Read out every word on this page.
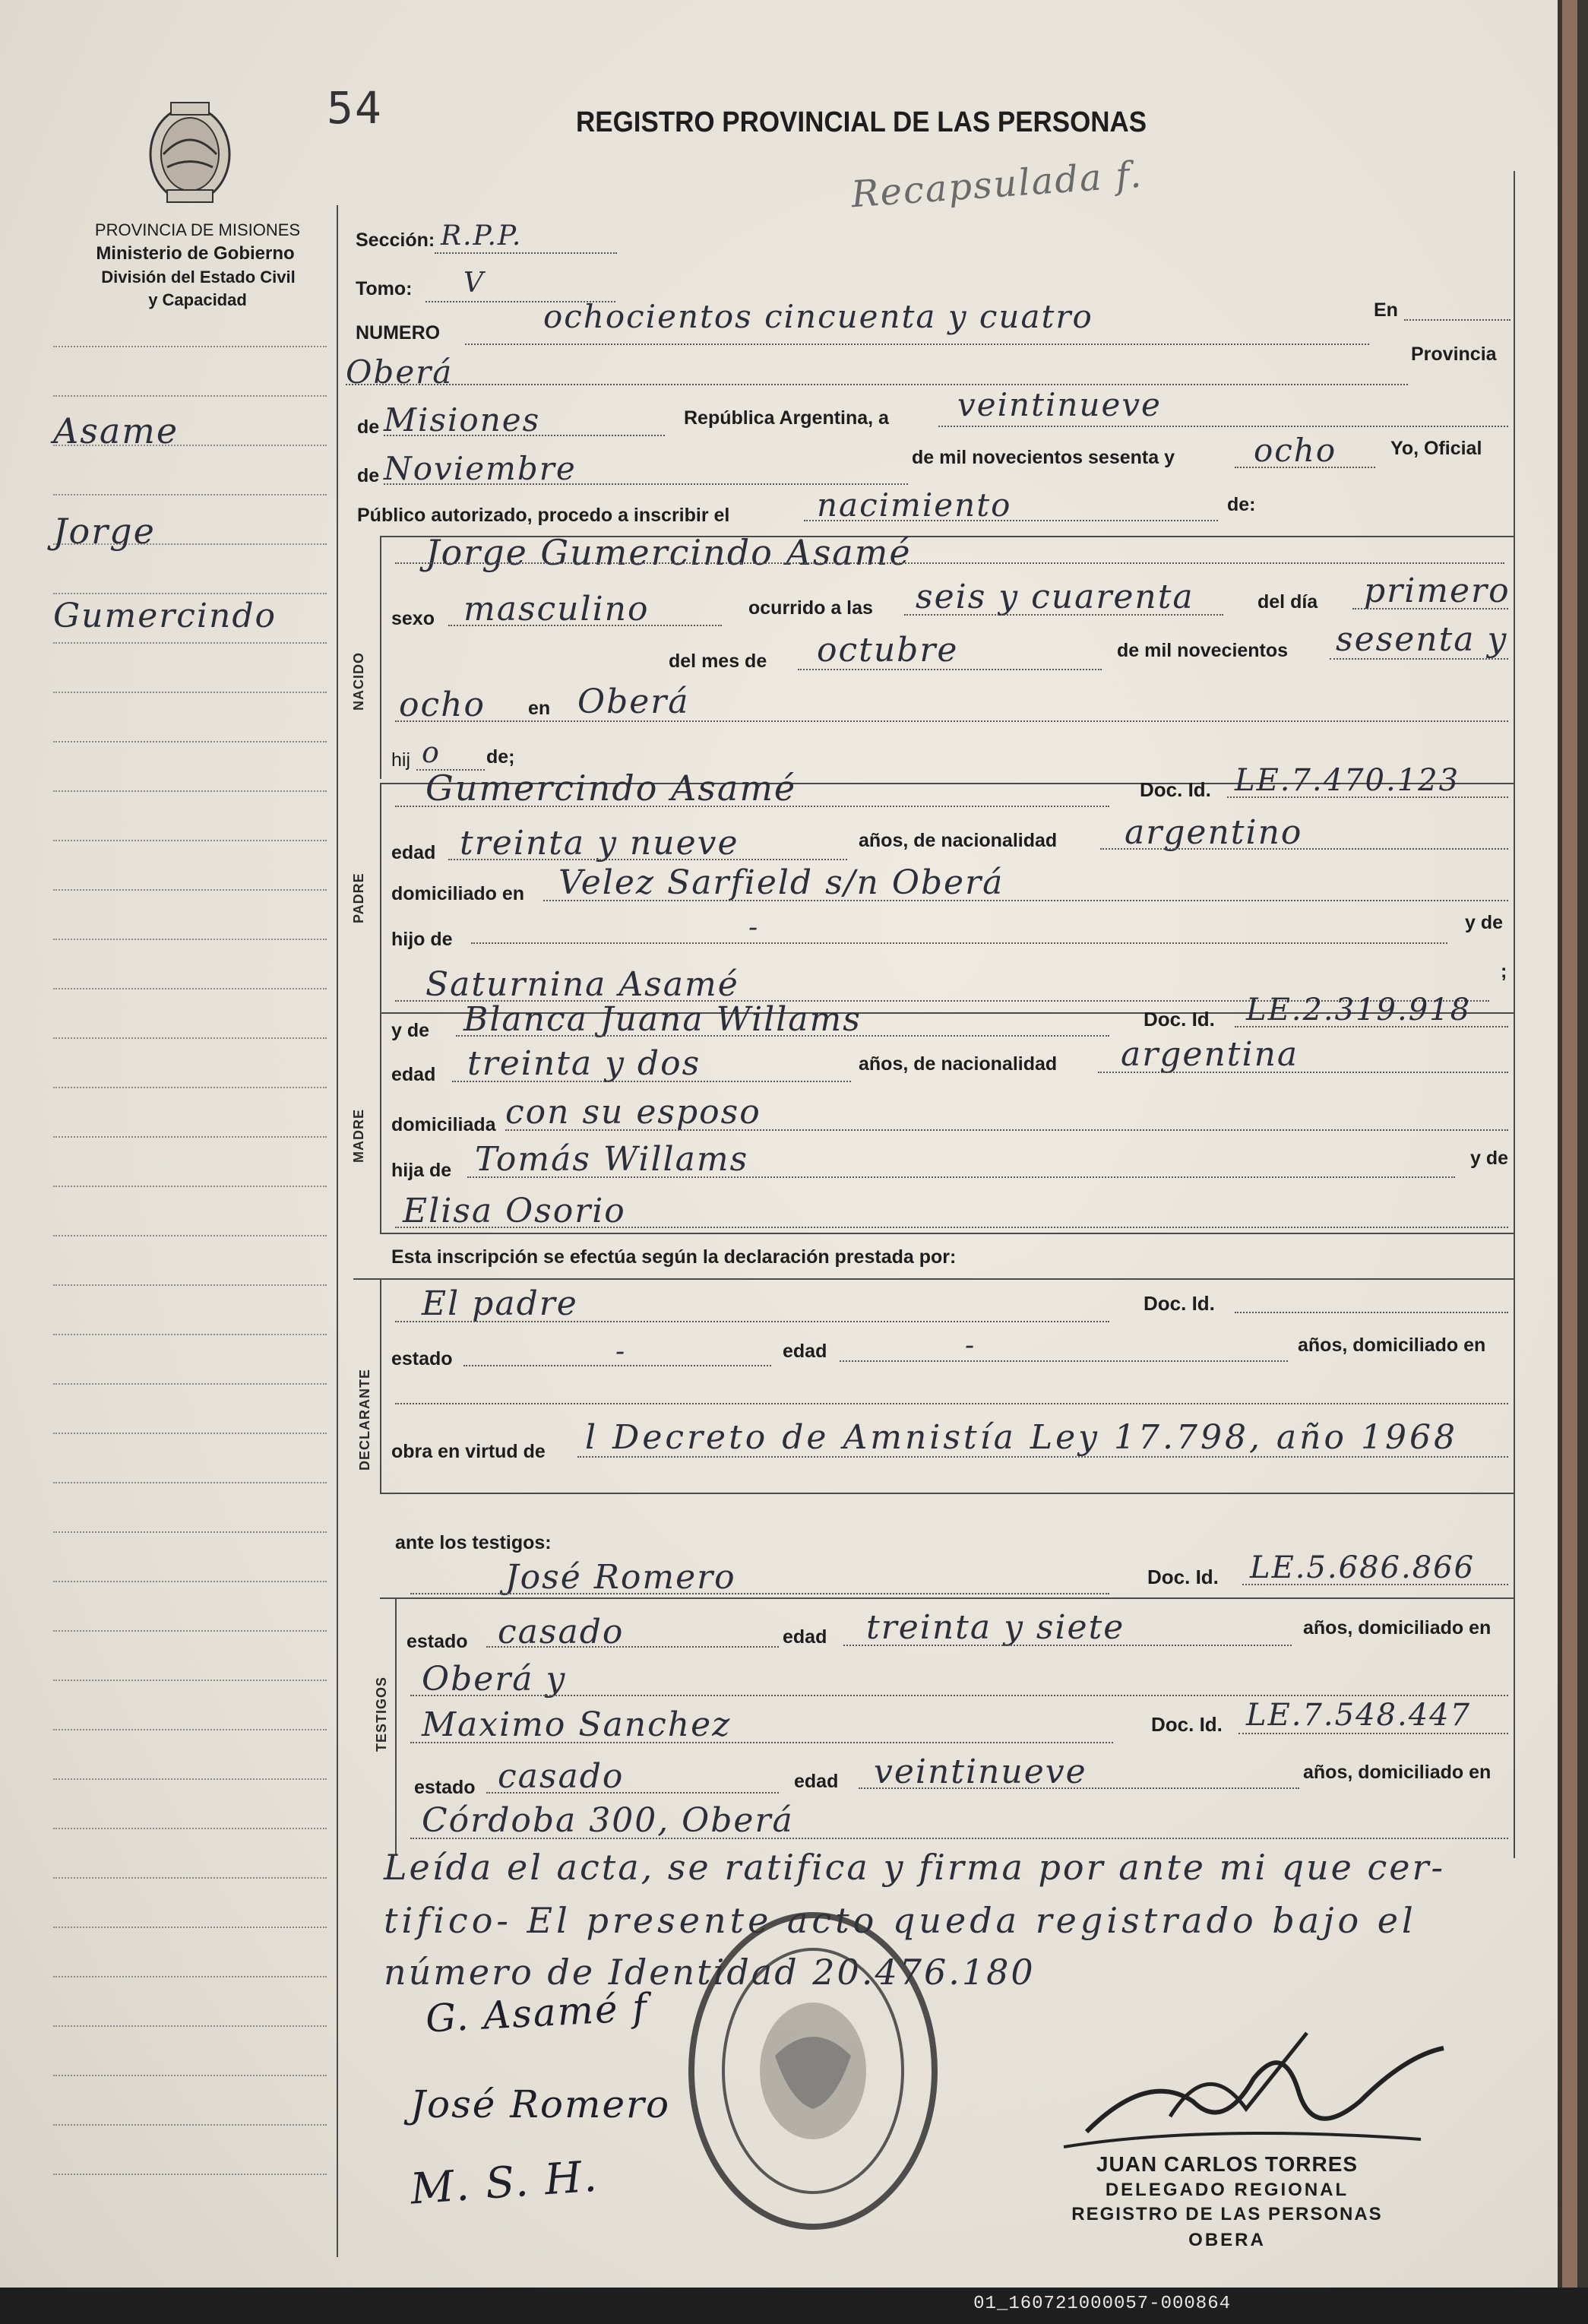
54	REGISTRO PROVINCIAL DE LAS PERSONAS
Recapsulada f.
PROVINCIA DE MISIONES
Ministerio de Gobierno
División del Estado Civil
y Capacidad
Asame
Jorge
Gumercindo
Sección: R.P.P.
Tomo: V
NUMERO	ochocientos cincuenta y cuatro	En
Oberá	Provincia
de Misiones	República Argentina, a veintinueve
de Noviembre	de mil novecientos sesenta y ocho	Yo, Oficial
Público autorizado, procedo a inscribir el	nacimiento	de:
NACIDO
Jorge Gumercindo Asamé
sexo masculino	ocurrido a las seis y cuarenta	del día primero
del mes de octubre	de mil novecientos sesenta y
ocho en Oberá
hij o de;
PADRE
Gumercindo Asamé	Doc. Id. LE.7.470.123
edad treinta y nueve	años, de nacionalidad argentino
domiciliado en Velez Sarfield s/n Oberá
hijo de	-	y de
Saturnina Asamé	;
MADRE
y de Blanca Juana Willams	Doc. Id. LE.2.319.918
edad treinta y dos	años, de nacionalidad argentina
domiciliada con su esposo
hija de Tomás Willams	y de
Elisa Osorio
Esta inscripción se efectúa según la declaración prestada por:
DECLARANTE
El padre	Doc. Id.
estado	-	edad	-	años, domiciliado en
obra en virtud de l Decreto de Amnistía Ley 17.798, año 1968
ante los testigos:
TESTIGOS
José Romero	Doc. Id. LE.5.686.866
estado casado	edad treinta y siete	años, domiciliado en
Oberá y
Maximo Sanchez	Doc. Id. LE.7.548.447
estado casado	edad veintinueve	años, domiciliado en
Córdoba 300, Oberá
Leída el acta, se ratifica y firma por ante mi que cer-
tifico- El presente acto queda registrado bajo el
número de Identidad 20.476.180
G. Asamé f
José Romero
M. S. H.	JUAN CARLOS TORRES
DELEGADO REGIONAL
REGISTRO DE LAS PERSONAS
OBERA
01_160721000057-000864
